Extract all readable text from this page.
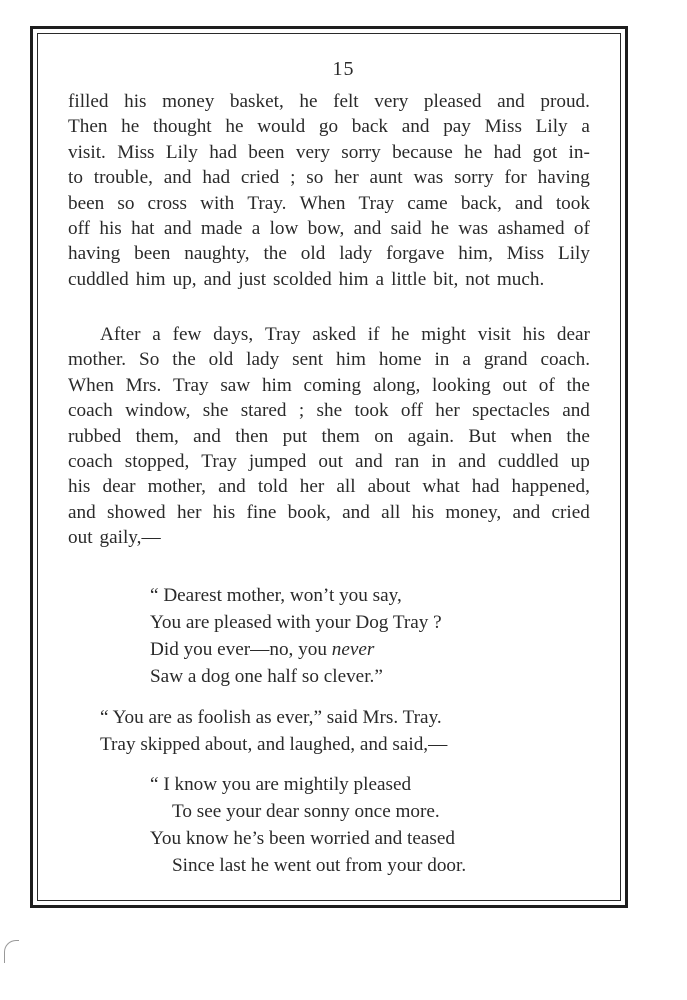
15
filled his money basket, he felt very pleased and proud.
Then he thought he would go back and pay Miss Lily a
visit. Miss Lily had been very sorry because he had got in-
to trouble, and had cried ; so her aunt was sorry for having
been so cross with Tray. When Tray came back, and took
off his hat and made a low bow, and said he was ashamed of
having been naughty, the old lady forgave him, Miss Lily
cuddled him up, and just scolded him a little bit, not much.
After a few days, Tray asked if he might visit his dear
mother. So the old lady sent him home in a grand coach.
When Mrs. Tray saw him coming along, looking out of the
coach window, she stared ; she took off her spectacles and
rubbed them, and then put them on again. But when the
coach stopped, Tray jumped out and ran in and cuddled up
his dear mother, and told her all about what had happened,
and showed her his fine book, and all his money, and cried
out gaily,—
“ Dearest mother, won’t you say,
You are pleased with your Dog Tray ?
Did you ever—no, you never
Saw a dog one half so clever.”
“ You are as foolish as ever,” said Mrs. Tray.
Tray skipped about, and laughed, and said,—
“ I know you are mightily pleased
To see your dear sonny once more.
You know he’s been worried and teased
Since last he went out from your door.
